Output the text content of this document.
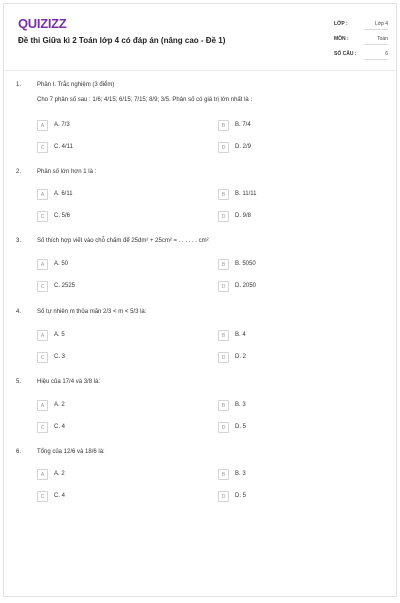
QUIZIZZ
Đề thi Giữa kì 2 Toán lớp 4 có đáp án (nâng cao - Đề 1)
LỚP :	Lớp 4
MÔN :	Toán
SỐ CÂU :	6
1.	Phần I. Trắc nghiệm (3 điểm)
Cho 7 phân số sau : 1/6; 4/15; 6/15; 7/15; 8/9; 3/5. Phân số có giá trị lớn nhất là :
A	A. 7/3	B	B. 7/4
C	C. 4/11	D	D. 2/9
2.	Phân số lớn hơn 1 là :
A	A. 6/11	B	B. 11/11
C	C. 5/6	D	D. 9/8
3.	Số thích hợp viết vào chỗ chấm để 25dm² + 25cm² = . . . . . . cm²
A	A. 50	B	B. 5050
C	C. 2525	D	D. 2050
4.	Số tự nhiên m thỏa mãn 2/3 < m < 5/3 là:
A	A. 5	B	B. 4
C	C. 3	D	D. 2
5.	Hiệu của 17/4 và 3/8 là:
A	A. 2	B	B. 3
C	C. 4	D	D. 5
6.	Tổng của 12/6 và 18/6 là:
A	A. 2	B	B. 3
C	C. 4	D	D. 5
